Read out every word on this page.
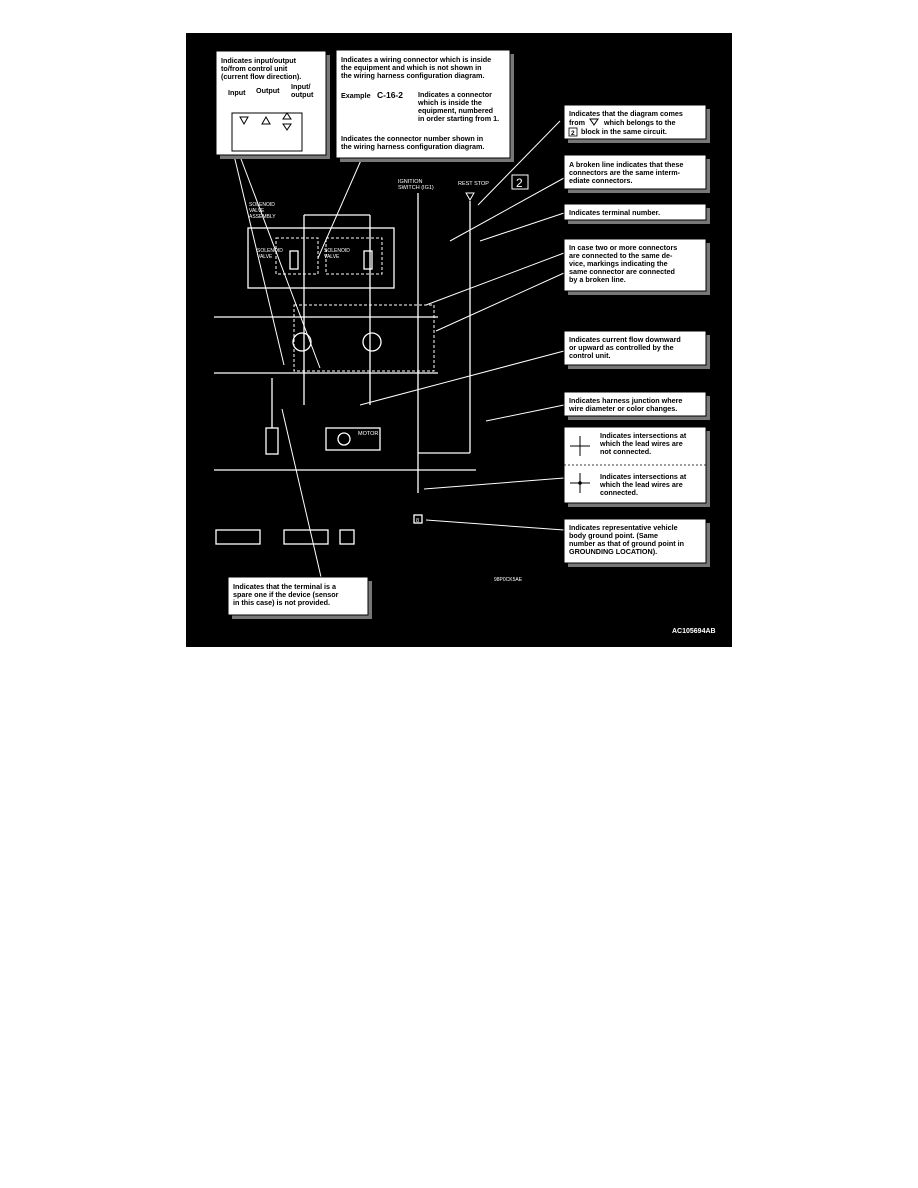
SOLENOID
VALVE
ASSEMBLY
SOLENOID
VALVE
SOLENOID
VALVE
MOTOR
8
IGNITION
SWITCH (IG1)
REST STOP 2
98P0CK5AE
Indicates input/output
to/from control unit
(current flow direction).
Input Output Input/
output
Indicates a wiring connector which is inside
the equipment and which is not shown in
the wiring harness configuration diagram.
Example C-16-2 Indicates a connector
which is inside the
equipment, numbered
in order starting from 1.
Indicates the connector number shown in
the wiring harness configuration diagram.
Indicates that the diagram comes
from	which belongs to the
2 block in the same circuit.
A broken line indicates that these
connectors are the same interm-
ediate connectors.
Indicates terminal number.
In case two or more connectors
are connected to the same de-
vice, markings indicating the
same connector are connected
by a broken line.
Indicates current flow downward
or upward as controlled by the
control unit.
Indicates harness junction where
wire diameter or color changes.
Indicates intersections at
which the lead wires are
not connected.
Indicates intersections at
which the lead wires are
connected.
Indicates representative vehicle
body ground point. (Same
number as that of ground point in
GROUNDING LOCATION).
Indicates that the terminal is a
spare one if the device (sensor
in this case) is not provided.
AC105694AB
